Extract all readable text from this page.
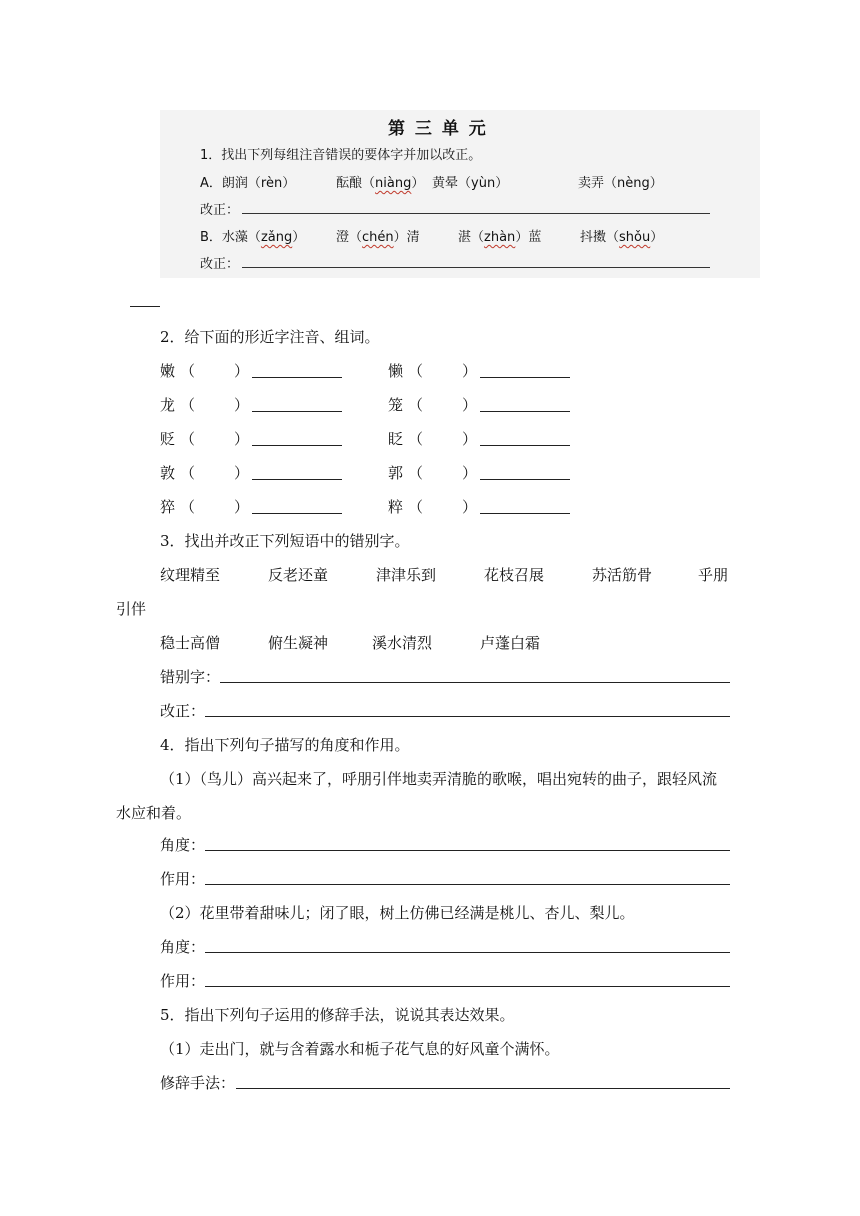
第 三 单 元
1．找出下列每组注音错误的要体字并加以改正。
A．朗润（rèn）	酝酿（niàng） 黄晕（yùn）	卖弄（nèng）
改正：
B．水藻（zǎng） 澄（chén）清	湛（zhàn）蓝	抖擞（shǒu）
改正：
2．给下面的形近字注音、组词。
嫩 （	）	懒 （	）
龙 （	）	笼 （	）
贬 （	）	眨 （	）
敦 （	）	郭 （	）
猝 （	）	粹 （	）
3．找出并改正下列短语中的错别字。
纹理精至	反老还童	津津乐到	花枝召展	苏活筋骨	乎朋
引伴
稳士高僧	俯生凝神	溪水清烈	卢蓬白霜
错别字：
改正：
4．指出下列句子描写的角度和作用。
（1）（鸟儿）高兴起来了，呼朋引伴地卖弄清脆的歌喉，唱出宛转的曲子，跟轻风流
水应和着。
角度：
作用：
（2）花里带着甜味儿；闭了眼，树上仿佛已经满是桃儿、杏儿、梨儿。
角度：
作用：
5．指出下列句子运用的修辞手法，说说其表达效果。
（1）走出门，就与含着露水和栀子花气息的好风童个满怀。
修辞手法：
